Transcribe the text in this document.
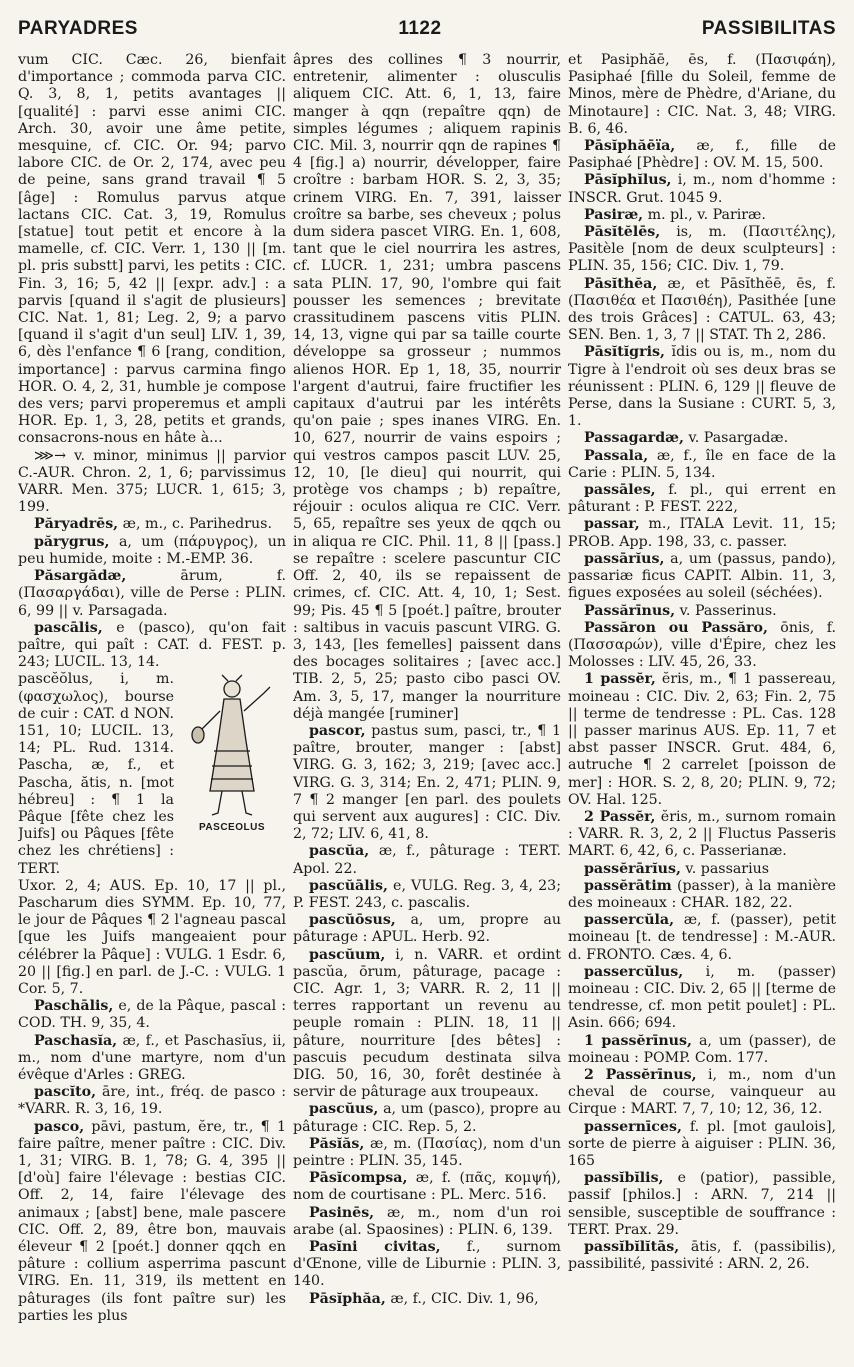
PARYADRES	1122	PASSIBILITAS

vum CIC. Cæc. 26, bienfait d'importance ; commoda parva CIC. Q. 3, 8, 1, petits avantages || [qualité] : parvi esse animi CIC. Arch. 30, avoir une âme petite, mesquine, cf. CIC. Or. 94; parvo labore CIC. de Or. 2, 174, avec peu de peine, sans grand travail ¶ 5 [âge] : Romulus parvus atque lactans CIC. Cat. 3, 19, Romulus [statue] tout petit et encore à la mamelle, cf. CIC. Verr. 1, 130 || [m. pl. pris substt] parvi, les petits : CIC. Fin. 3, 16; 5, 42 || [expr. adv.] : a parvis [quand il s'agit de plusieurs] CIC. Nat. 1, 81; Leg. 2, 9; a parvo [quand il s'agit d'un seul] LIV. 1, 39, 6, dès l'enfance ¶ 6 [rang, condition, importance] : parvus carmina fingo HOR. O. 4, 2, 31, humble je compose des vers; parvi properemus et ampli HOR. Ep. 1, 3, 28, petits et grands, consacrons-nous en hâte à...

⋙→ v. minor, minimus || parvior C.-AUR. Chron. 2, 1, 6; parvissimus VARR. Men. 375; LUCR. 1, 615; 3, 199.

Păryadrēs, æ, m., c. Parihedrus.

părygrus, a, um (πάρυγρος), un peu humide, moite : M.-EMP. 36.

Păsargădæ, ārum, f. (Πασαργάδαι), ville de Perse : PLIN. 6, 99 || v. Parsagada.

pascālis, e (pasco), qu'on fait paître, qui paît : CAT. d. FEST. p. 243; LUCIL. 13, 14.

pascĕŏlus, i, m. (φασχωλος), bourse de cuir : CAT. d NON. 151, 10; LUCIL. 13, 14; PL. Rud. 1314. Pascha, æ, f., et Pascha, ătis, n. [mot hébreu] : ¶ 1 la Pâque [fête chez les Juifs] ou Pâques [fête chez les chrétiens] : TERT.

PASCEOLUS

Uxor. 2, 4; AUS. Ep. 10, 17 || pl., Pascharum dies SYMM. Ep. 10, 77, le jour de Pâques ¶ 2 l'agneau pascal [que les Juifs mangeaient pour célébrer la Pâque] : VULG. 1 Esdr. 6, 20 || [fig.] en parl. de J.-C. : VULG. 1 Cor. 5, 7.

Paschālis, e, de la Pâque, pascal : COD. TH. 9, 35, 4.

Paschasĭa, æ, f., et Paschasĭus, ii, m., nom d'une martyre, nom d'un évêque d'Arles : GREG.

pascĭto, āre, int., fréq. de pasco : *VARR. R. 3, 16, 19.

pasco, pāvi, pastum, ĕre, tr., ¶ 1 faire paître, mener paître : CIC. Div. 1, 31; VIRG. B. 1, 78; G. 4, 395 || [d'où] faire l'élevage : bestias CIC. Off. 2, 14, faire l'élevage des animaux ; [abst] bene, male pascere CIC. Off. 2, 89, être bon, mauvais éleveur ¶ 2 [poét.] donner qqch en pâture : collium asperrima pascunt VIRG. En. 11, 319, ils mettent en pâturages (ils font paître sur) les parties les plus

âpres des collines ¶ 3 nourrir, entretenir, alimenter : olusculis aliquem CIC. Att. 6, 1, 13, faire manger à qqn (repaître qqn) de simples légumes ; aliquem rapinis CIC. Mil. 3, nourrir qqn de rapines ¶ 4 [fig.] a) nourrir, développer, faire croître : barbam HOR. S. 2, 3, 35; crinem VIRG. En. 7, 391, laisser croître sa barbe, ses cheveux ; polus dum sidera pascet VIRG. En. 1, 608, tant que le ciel nourrira les astres, cf. LUCR. 1, 231; umbra pascens sata PLIN. 17, 90, l'ombre qui fait pousser les semences ; brevitate crassitudinem pascens vitis PLIN. 14, 13, vigne qui par sa taille courte développe sa grosseur ; nummos alienos HOR. Ep 1, 18, 35, nourrir l'argent d'autrui, faire fructifier les capitaux d'autrui par les intérêts qu'on paie ; spes inanes VIRG. En. 10, 627, nourrir de vains espoirs ; qui vestros campos pascit LUV. 25, 12, 10, [le dieu] qui nourrit, qui protège vos champs ; b) repaître, réjouir : oculos aliqua re CIC. Verr. 5, 65, repaître ses yeux de qqch ou in aliqua re CIC. Phil. 11, 8 || [pass.] se repaître : scelere pascuntur CIC Off. 2, 40, ils se repaissent de crimes, cf. CIC. Att. 4, 10, 1; Sest. 99; Pis. 45 ¶ 5 [poét.] paître, brouter : saltibus in vacuis pascunt VIRG. G. 3, 143, [les femelles] paissent dans des bocages solitaires ; [avec acc.] TIB. 2, 5, 25; pasto cibo pasci OV. Am. 3, 5, 17, manger la nourriture déjà mangée [ruminer]

pascor, pastus sum, pasci, tr., ¶ 1 paître, brouter, manger : [abst] VIRG. G. 3, 162; 3, 219; [avec acc.] VIRG. G. 3, 314; En. 2, 471; PLIN. 9, 7 ¶ 2 manger [en parl. des poulets qui servent aux augures] : CIC. Div. 2, 72; LIV. 6, 41, 8.

pascŭa, æ, f., pâturage : TERT. Apol. 22.

pascŭālis, e, VULG. Reg. 3, 4, 23; P. FEST. 243, c. pascalis.

pascŭōsus, a, um, propre au pâturage : APUL. Herb. 92.

pascŭum, i, n. VARR. et ordint pascŭa, ōrum, pâturage, pacage : CIC. Agr. 1, 3; VARR. R. 2, 11 || terres rapportant un revenu au peuple romain : PLIN. 18, 11 || pâture, nourriture [des bêtes] : pascuis pecudum destinata silva DIG. 50, 16, 30, forêt destinée à servir de pâturage aux troupeaux.

pascŭus, a, um (pasco), propre au pâturage : CIC. Rep. 5, 2.

Păsĭăs, æ, m. (Πασίας), nom d'un peintre : PLIN. 35, 145.

Pāsĭcompsa, æ, f. (πᾶς, κομψή), nom de courtisane : PL. Merc. 516.

Pasinēs, æ, m., nom d'un roi arabe (al. Spaosines) : PLIN. 6, 139.

Pasĭni civitas, f., surnom d'Œnone, ville de Liburnie : PLIN. 3, 140.

Pāsĭphăa, æ, f., CIC. Div. 1, 96,

et Pasiphăē, ēs, f. (Πασιφάη), Pasiphaé [fille du Soleil, femme de Minos, mère de Phèdre, d'Ariane, du Minotaure] : CIC. Nat. 3, 48; VIRG. B. 6, 46.

Pāsĭphăēïa, æ, f., fille de Pasiphaé [Phèdre] : OV. M. 15, 500.

Pāsĭphĭlus, i, m., nom d'homme : INSCR. Grut. 1045 9.

Pasiræ, m. pl., v. Pariræ.

Pāsĭtĕlēs, is, m. (Πασιτέλης), Pasitèle [nom de deux sculpteurs] : PLIN. 35, 156; CIC. Div. 1, 79.

Pāsĭthĕa, æ, et Pāsĭthĕē, ēs, f. (Πασιθέα et Πασιθέη), Pasithée [une des trois Grâces] : CATUL. 63, 43; SEN. Ben. 1, 3, 7 || STAT. Th 2, 286.

Pāsĭtĭgris, ĭdis ou is, m., nom du Tigre à l'endroit où ses deux bras se réunissent : PLIN. 6, 129 || fleuve de Perse, dans la Susiane : CURT. 5, 3, 1.

Passagardæ, v. Pasargadæ.

Passala, æ, f., île en face de la Carie : PLIN. 5, 134.

passāles, f. pl., qui errent en pâturant : P. FEST. 222,

passar, m., ITALA Levit. 11, 15; PROB. App. 198, 33, c. passer.

passārĭus, a, um (passus, pando), passariæ ficus CAPIT. Albin. 11, 3, figues exposées au soleil (séchées).

Passărīnus, v. Passerinus.

Passăron ou Passăro, ōnis, f. (Πασσαρών), ville d'Épire, chez les Molosses : LIV. 45, 26, 33.

1 passĕr, ĕris, m., ¶ 1 passereau, moineau : CIC. Div. 2, 63; Fin. 2, 75 || terme de tendresse : PL. Cas. 128 || passer marinus AUS. Ep. 11, 7 et abst passer INSCR. Grut. 484, 6, autruche ¶ 2 carrelet [poisson de mer] : HOR. S. 2, 8, 20; PLIN. 9, 72; OV. Hal. 125.

2 Passĕr, ĕris, m., surnom romain : VARR. R. 3, 2, 2 || Fluctus Passeris MART. 6, 42, 6, c. Passerianæ.

passĕrārĭus, v. passarius

passĕrātim (passer), à la manière des moineaux : CHAR. 182, 22.

passercŭla, æ, f. (passer), petit moineau [t. de tendresse] : M.-AUR. d. FRONTO. Cæs. 4, 6.

passercŭlus, i, m. (passer) moineau : CIC. Div. 2, 65 || [terme de tendresse, cf. mon petit poulet] : PL. Asin. 666; 694.

1 passĕrīnus, a, um (passer), de moineau : POMP. Com. 177.

2 Passĕrīnus, i, m., nom d'un cheval de course, vainqueur au Cirque : MART. 7, 7, 10; 12, 36, 12.

passernīces, f. pl. [mot gaulois], sorte de pierre à aiguiser : PLIN. 36, 165

passĭbĭlis, e (patior), passible, passif [philos.] : ARN. 7, 214 || sensible, susceptible de souffrance : TERT. Prax. 29.

passĭbĭlĭtās, ātis, f. (passibilis), passibilité, passivité : ARN. 2, 26.
